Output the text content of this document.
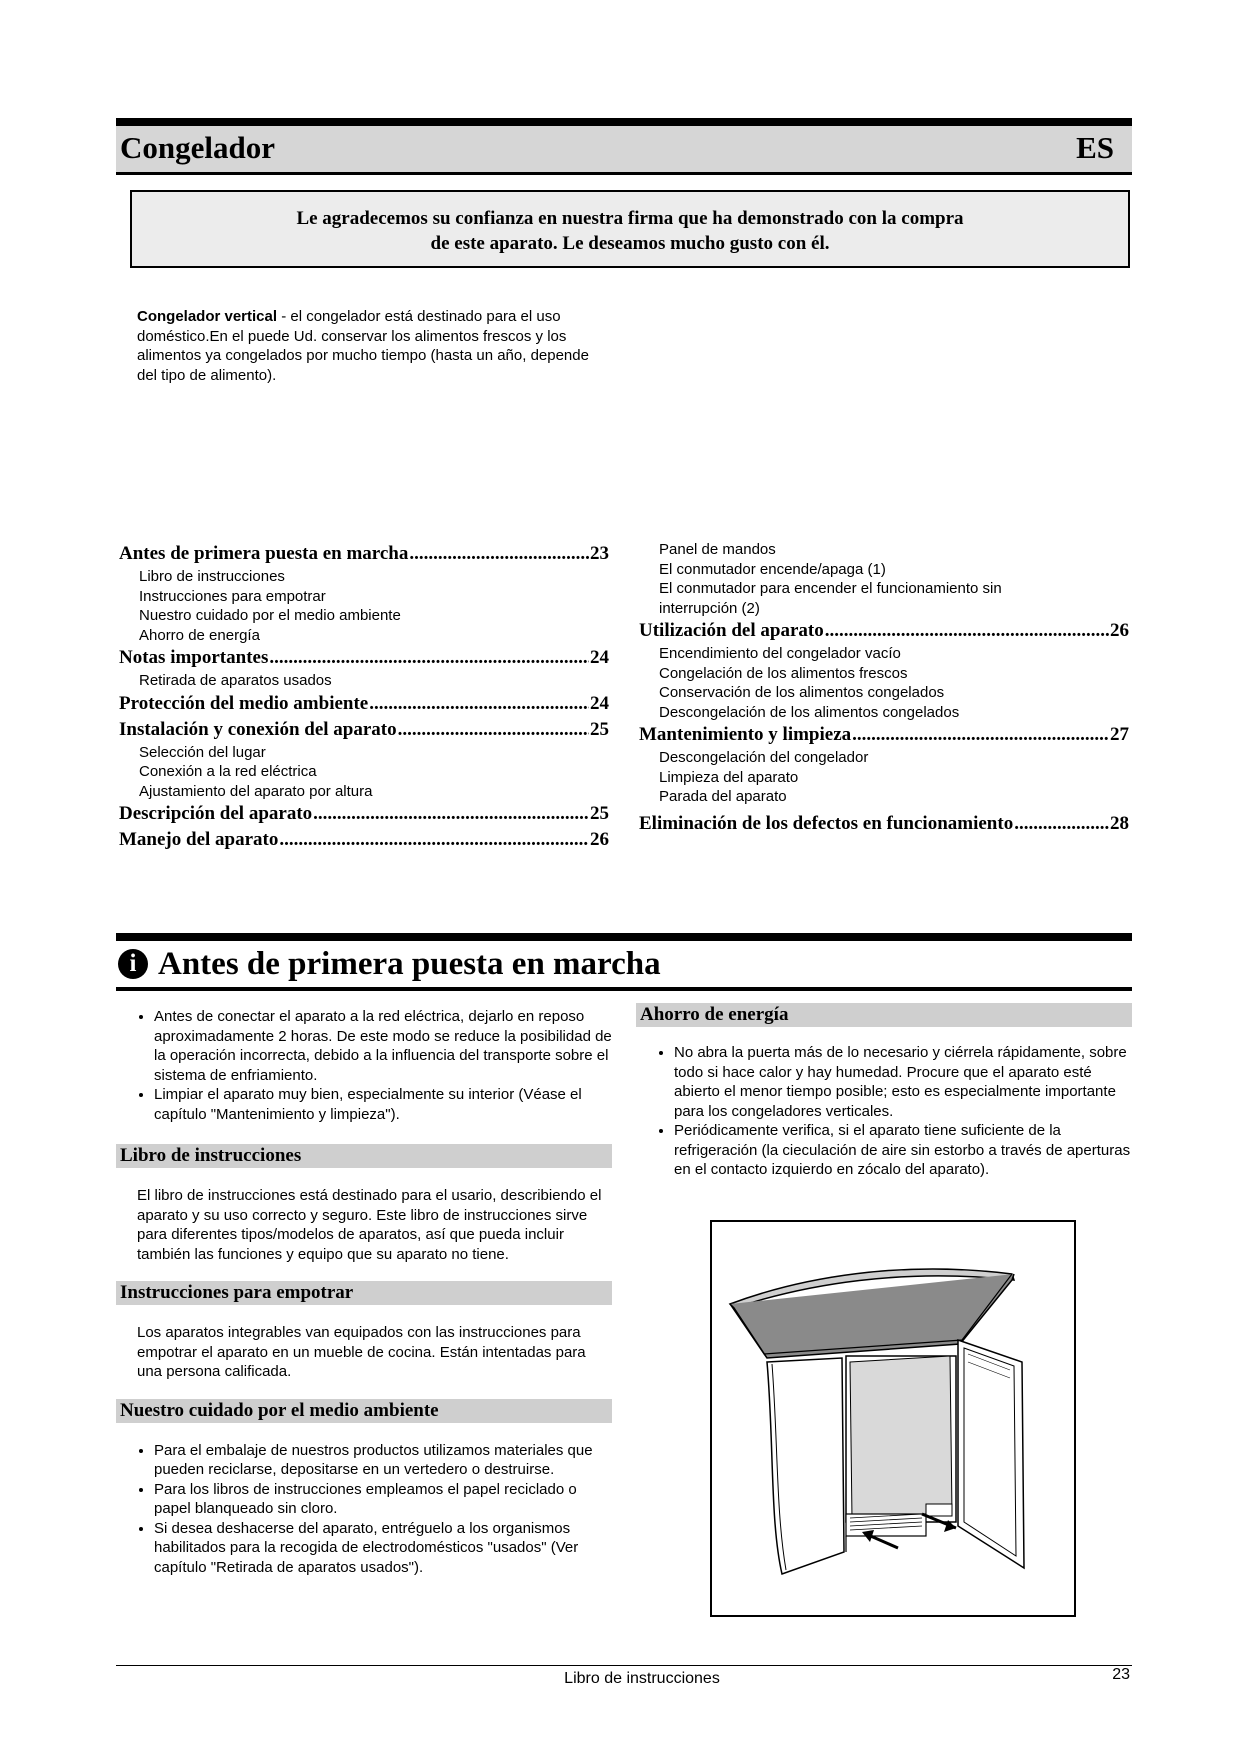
Congelador	ES
Le agradecemos su confianza en nuestra firma que ha demonstrado con la compra
de este aparato. Le deseamos mucho gusto con él.
Congelador vertical - el congelador está destinado para el uso doméstico.En el puede Ud. conservar los alimentos frescos y los alimentos ya congelados por mucho tiempo (hasta un año, depende del tipo de alimento).
Antes de primera puesta en marcha .....	23
Libro de instrucciones
Instrucciones para empotrar
Nuestro cuidado por el medio ambiente
Ahorro de energía
Notas importantes .....	24
Retirada de aparatos usados
Protección del medio ambiente .....	24
Instalación y conexión del aparato .....	25
Selección del lugar
Conexión a la red eléctrica
Ajustamiento del aparato por altura
Descripción del aparato .....	25
Manejo del aparato .....	26
Panel de mandos
El conmutador encende/apaga (1)
El conmutador para encender el funcionamiento sin interrupción (2)
Utilización del aparato .....	26
Encendimiento del congelador vacío
Congelación de los alimentos frescos
Conservación de los alimentos congelados
Descongelación de los alimentos congelados
Mantenimiento y limpieza .....	27
Descongelación del congelador
Limpieza del aparato
Parada del aparato
Eliminación de los defectos en funcionamiento .....	28
i Antes de primera puesta en marcha
• Antes de conectar el aparato a la red eléctrica, dejarlo en reposo aproximadamente 2 horas. De este modo se reduce la posibilidad de la operación incorrecta, debido a la influencia del transporte sobre el sistema de enfriamiento.
• Limpiar el aparato muy bien, especialmente su interior (Véase el capítulo "Mantenimiento y limpieza").
Libro de instrucciones
El libro de instrucciones está destinado para el usario, describiendo el aparato y su uso correcto y seguro. Este libro de instrucciones sirve para diferentes tipos/modelos de aparatos, así que pueda incluir también las funciones y equipo que su aparato no tiene.
Instrucciones para empotrar
Los aparatos integrables van equipados con las instrucciones para empotrar el aparato en un mueble de cocina. Están intentadas para una persona calificada.
Nuestro cuidado por el medio ambiente
• Para el embalaje de nuestros productos utilizamos materiales que pueden reciclarse, depositarse en un vertedero o destruirse.
• Para los libros de instrucciones empleamos el papel reciclado o papel blanqueado sin cloro.
• Si desea deshacerse del aparato, entréguelo a los organismos habilitados para la recogida de electrodomésticos "usados" (Ver capítulo "Retirada de aparatos usados").
Ahorro de energía
• No abra la puerta más de lo necesario y ciérrela rápidamente, sobre todo si hace calor y hay humedad. Procure que el aparato esté abierto el menor tiempo posible; esto es especialmente importante para los congeladores verticales.
• Periódicamente verifica, si el aparato tiene suficiente de la refrigeración (la cieculación de aire sin estorbo a través de aperturas en el contacto izquierdo en zócalo del aparato).
Libro de instrucciones	23
